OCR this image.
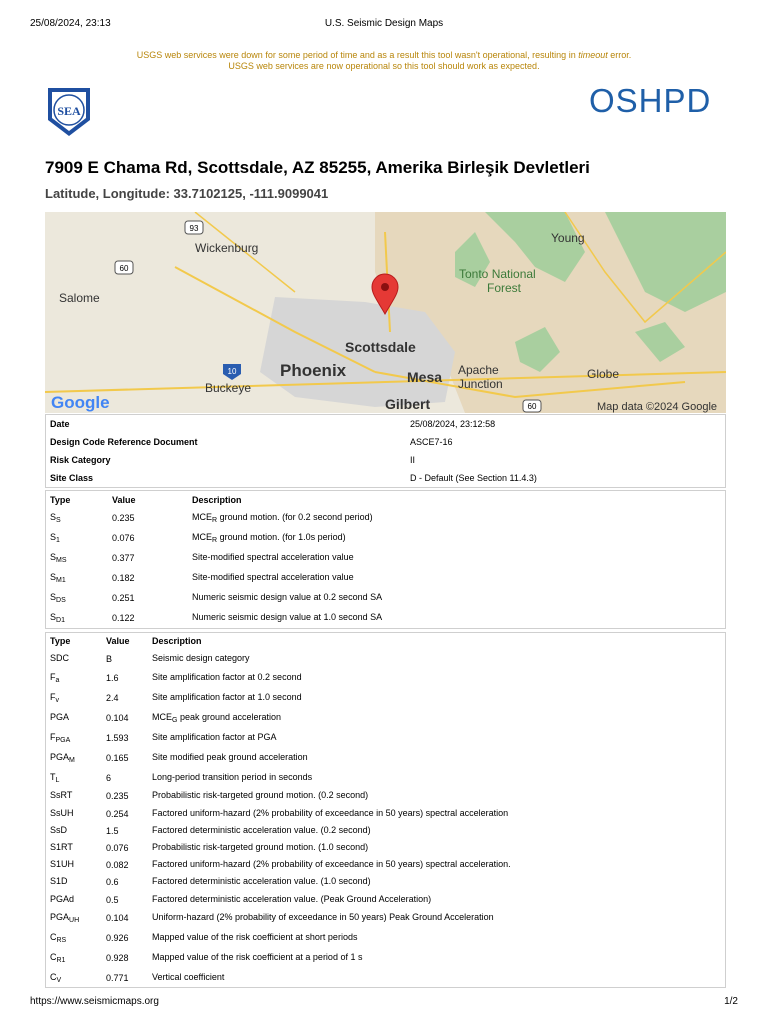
25/08/2024, 23:13	U.S. Seismic Design Maps
USGS web services were down for some period of time and as a result this tool wasn't operational, resulting in timeout error.
USGS web services are now operational so this tool should work as expected.
SEA	OSHPD
7909 E Chama Rd, Scottsdale, AZ 85255, Amerika Birleşik Devletleri
Latitude, Longitude: 33.7102125, -111.9099041
Young
Wickenburg
Tonto National
Forest
Salome
Scottsdale
Phoenix	Mesa Apache
Junction
Globe
Buckeye
Gilbert
93
60
10
60
Google	Map data ©2024 Google
Date	25/08/2024, 23:12:58
Design Code Reference Document	ASCE7-16
Risk Category	II
Site Class	D - Default (See Section 11.4.3)
Type	Value	Description
$S_S$	0.235	$MCE_R$ ground motion. (for 0.2 second period)
$S_1$	0.076	$MCE_R$ ground motion. (for 1.0s period)
$S_{MS}$	0.377	Site-modified spectral acceleration value
$S_{M1}$	0.182	Site-modified spectral acceleration value
$S_{DS}$	0.251	Numeric seismic design value at 0.2 second SA
$S_{D1}$	0.122	Numeric seismic design value at 1.0 second SA
Type	Value	Description
SDC	B	Seismic design category
$F_a$	1.6	Site amplification factor at 0.2 second
$F_v$	2.4	Site amplification factor at 1.0 second
PGA	0.104	$MCE_G$ peak ground acceleration
$F_{PGA}$	1.593	Site amplification factor at PGA
$PGA_M$	0.165	Site modified peak ground acceleration
$T_L$	6	Long-period transition period in seconds
SsRT	0.235	Probabilistic risk-targeted ground motion. (0.2 second)
SsUH	0.254	Factored uniform-hazard (2% probability of exceedance in 50 years) spectral acceleration
SsD	1.5	Factored deterministic acceleration value. (0.2 second)
S1RT	0.076	Probabilistic risk-targeted ground motion. (1.0 second)
S1UH	0.082	Factored uniform-hazard (2% probability of exceedance in 50 years) spectral acceleration.
S1D	0.6	Factored deterministic acceleration value. (1.0 second)
PGAd	0.5	Factored deterministic acceleration value. (Peak Ground Acceleration)
$PGA_{UH}$	0.104	Uniform-hazard (2% probability of exceedance in 50 years) Peak Ground Acceleration
$C_{RS}$	0.926	Mapped value of the risk coefficient at short periods
$C_{R1}$	0.928	Mapped value of the risk coefficient at a period of 1 s
$C_V$	0.771	Vertical coefficient
https://www.seismicmaps.org	1/2
